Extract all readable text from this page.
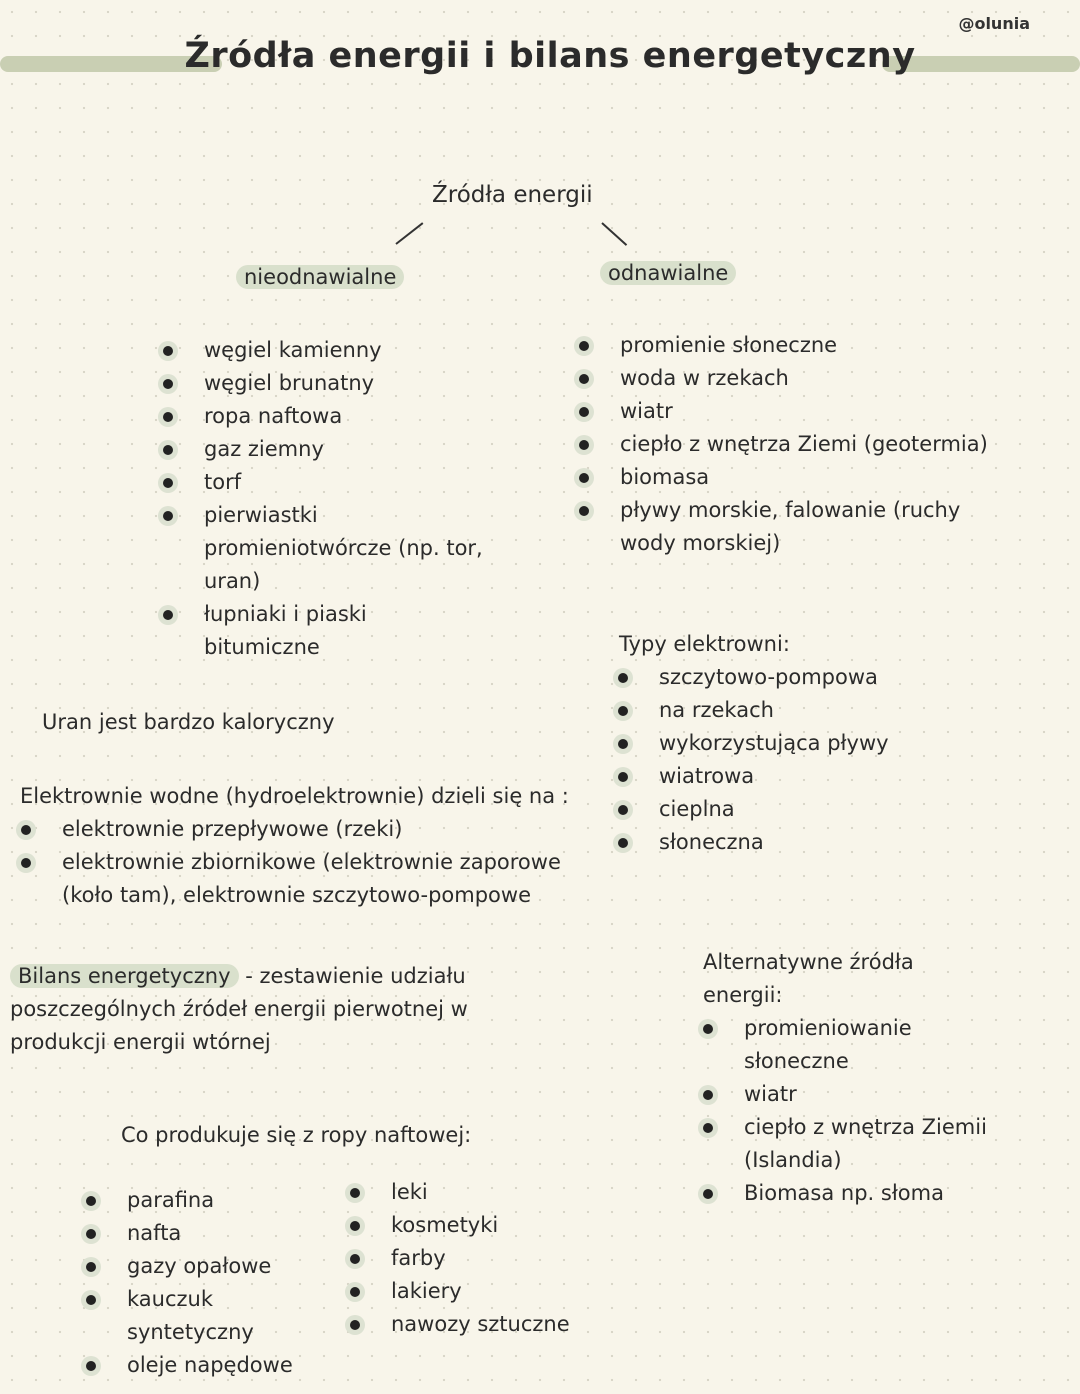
@olunia
Źródła energii i bilans energetyczny
Źródła energii
nieodnawialne	odnawialne
węgiel kamienny
węgiel brunatny
ropa naftowa
gaz ziemny
torf
pierwiastki promieniotwórcze (np. tor, uran)
łupniaki i piaski bitumiczne
promienie słoneczne
woda w rzekach
wiatr
ciepło z wnętrza Ziemi (geotermia)
biomasa
pływy morskie, falowanie (ruchy wody morskiej)
Uran jest bardzo kaloryczny
Typy elektrowni:
szczytowo-pompowa
na rzekach
wykorzystująca pływy
wiatrowa
cieplna
słoneczna
Elektrownie wodne (hydroelektrownie) dzieli się na :
elektrownie przepływowe (rzeki)
elektrownie zbiornikowe (elektrownie zaporowe (koło tam), elektrownie szczytowo-pompowe
Bilans energetyczny - zestawienie udziału poszczególnych źródeł energii pierwotnej w produkcji energii wtórnej
Alternatywne źródła energii:
promieniowanie słoneczne
wiatr
ciepło z wnętrza Ziemii (Islandia)
Biomasa np. słoma
Co produkuje się z ropy naftowej:
parafina
nafta
gazy opałowe
kauczuk syntetyczny
oleje napędowe
leki
kosmetyki
farby
lakiery
nawozy sztuczne
